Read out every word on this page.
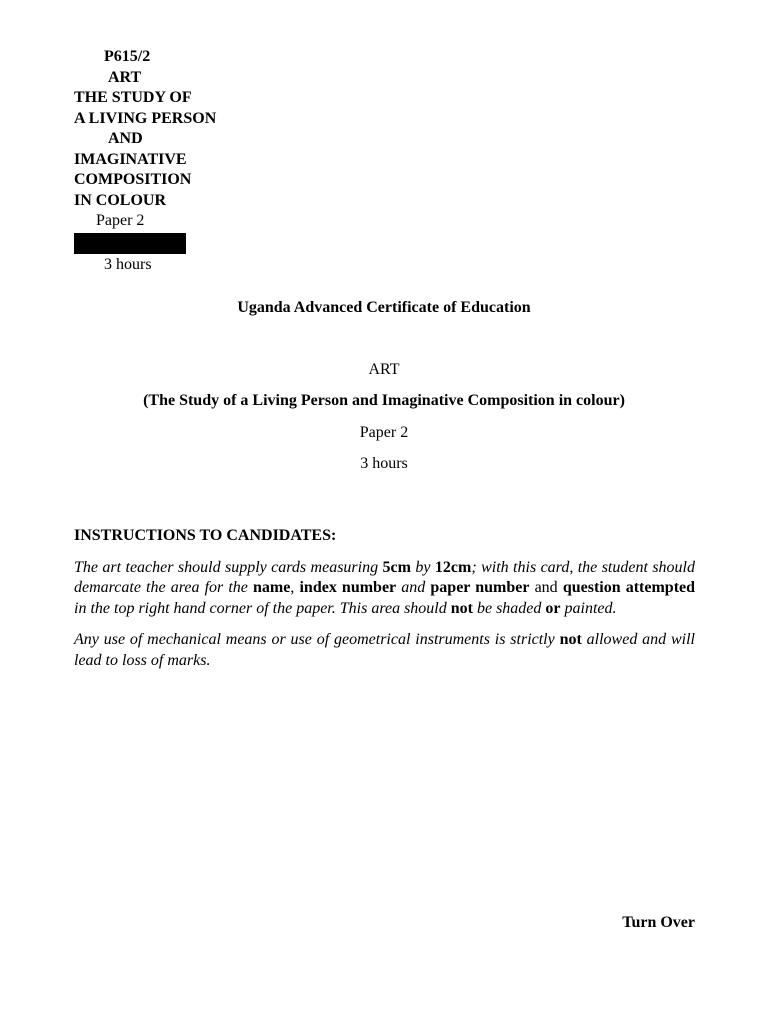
P615/2
ART
THE STUDY OF
A LIVING PERSON
AND
IMAGINATIVE
COMPOSITION
IN COLOUR
Paper 2
3 hours
Uganda Advanced Certificate of Education
ART
(The Study of a Living Person and Imaginative Composition in colour)
Paper 2
3 hours
INSTRUCTIONS TO CANDIDATES:

The art teacher should supply cards measuring 5cm by 12cm; with this card, the student should demarcate the area for the name, index number and paper number and question attempted in the top right hand corner of the paper. This area should not be shaded or painted.

Any use of mechanical means or use of geometrical instruments is strictly not allowed and will lead to loss of marks.

Turn Over
